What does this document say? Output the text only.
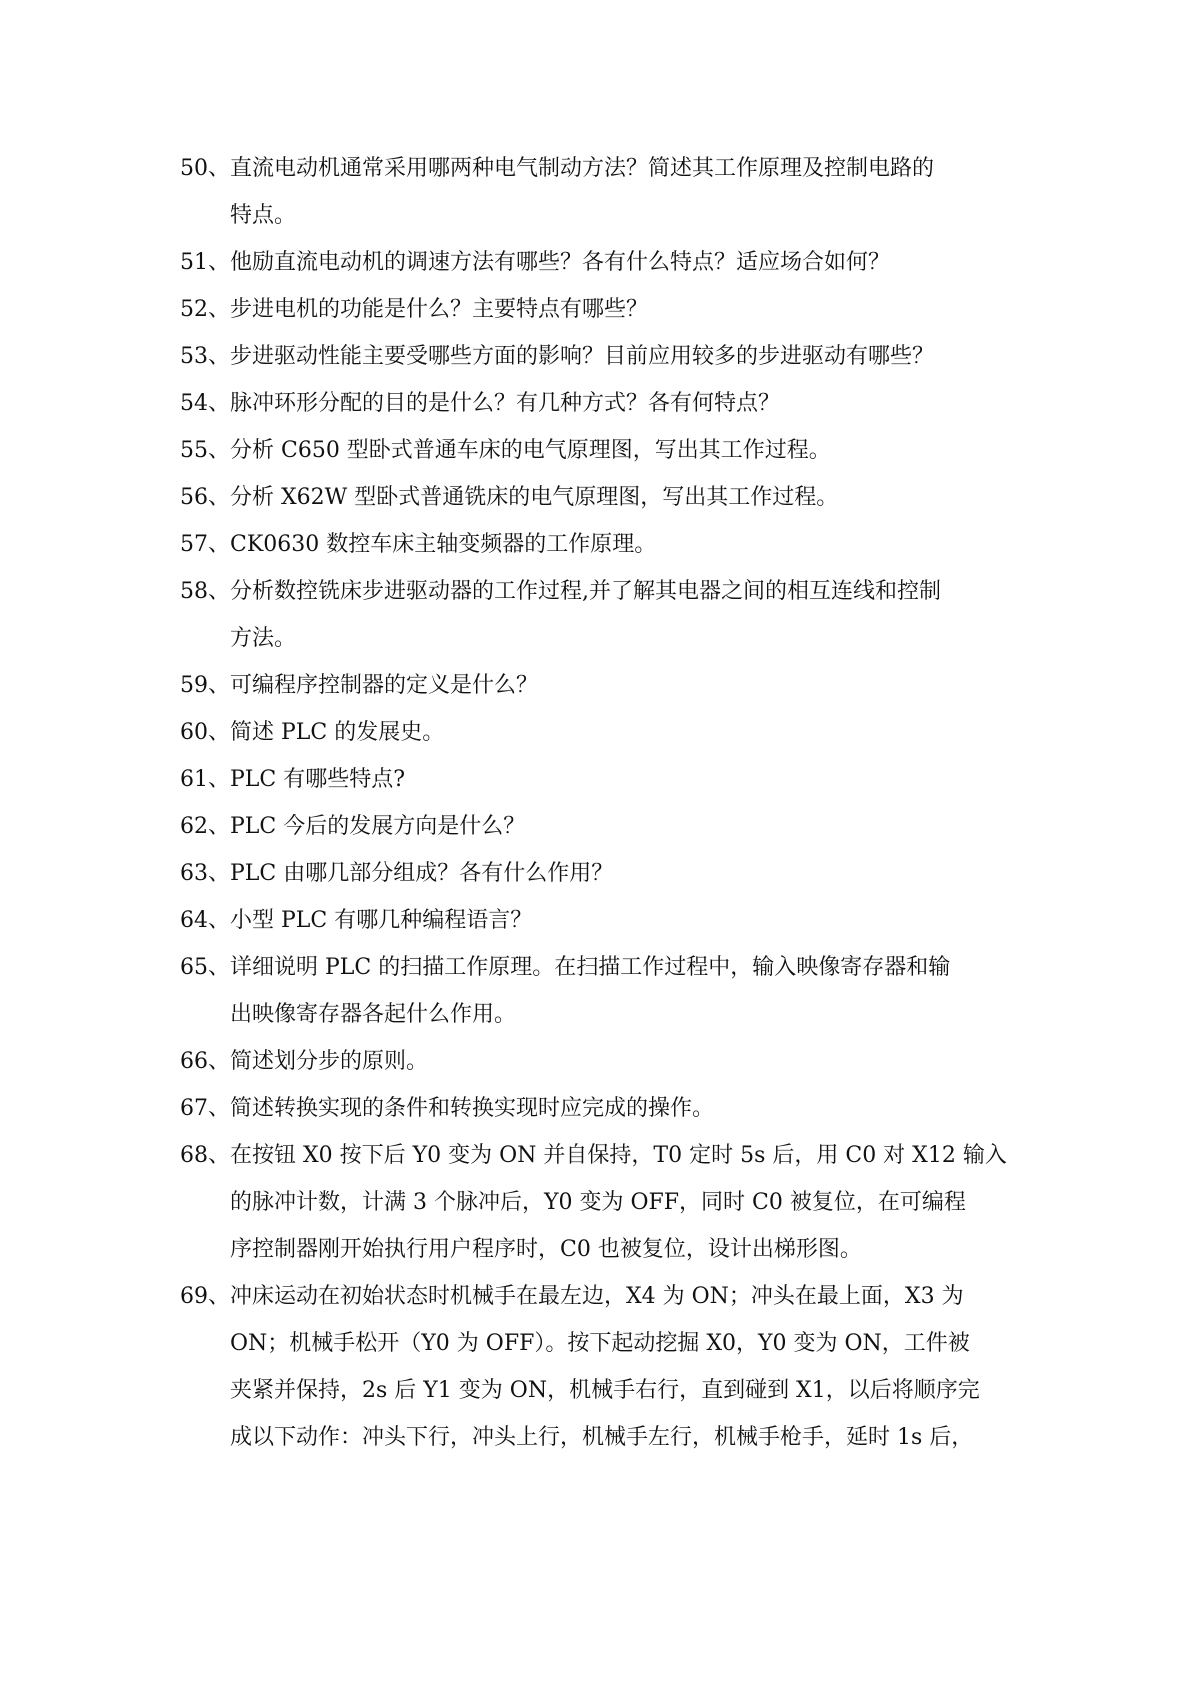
50、 直流电动机通常采用哪两种电气制动方法？简述其工作原理及控制电路的
特点。
51、 他励直流电动机的调速方法有哪些？各有什么特点？适应场合如何？
52、 步进电机的功能是什么？主要特点有哪些？
53、 步进驱动性能主要受哪些方面的影响？目前应用较多的步进驱动有哪些？
54、 脉冲环形分配的目的是什么？有几种方式？各有何特点？
55、 分析 C650 型卧式普通车床的电气原理图，写出其工作过程。
56、 分析 X62W 型卧式普通铣床的电气原理图，写出其工作过程。
57、 CK0630 数控车床主轴变频器的工作原理。
58、 分析数控铣床步进驱动器的工作过程,并了解其电器之间的相互连线和控制
方法。
59、 可编程序控制器的定义是什么？
60、 简述 PLC 的发展史。
61、 PLC 有哪些特点?
62、 PLC 今后的发展方向是什么？
63、 PLC 由哪几部分组成？各有什么作用？
64、 小型 PLC 有哪几种编程语言？
65、 详细说明 PLC 的扫描工作原理。在扫描工作过程中，输入映像寄存器和输
出映像寄存器各起什么作用。
66、 简述划分步的原则。
67、 简述转换实现的条件和转换实现时应完成的操作。
68、 在按钮 X0 按下后 Y0 变为 ON 并自保持，T0 定时 5s 后，用 C0 对 X12 输入
的脉冲计数，计满 3 个脉冲后，Y0 变为 OFF，同时 C0 被复位，在可编程
序控制器刚开始执行用户程序时，C0 也被复位，设计出梯形图。
69、 冲床运动在初始状态时机械手在最左边，X4 为 ON；冲头在最上面，X3 为
ON；机械手松开（Y0 为 OFF）。按下起动挖掘 X0，Y0 变为 ON，工件被
夹紧并保持，2s 后 Y1 变为 ON，机械手右行，直到碰到 X1，以后将顺序完
成以下动作：冲头下行，冲头上行，机械手左行，机械手枪手，延时 1s 后，
